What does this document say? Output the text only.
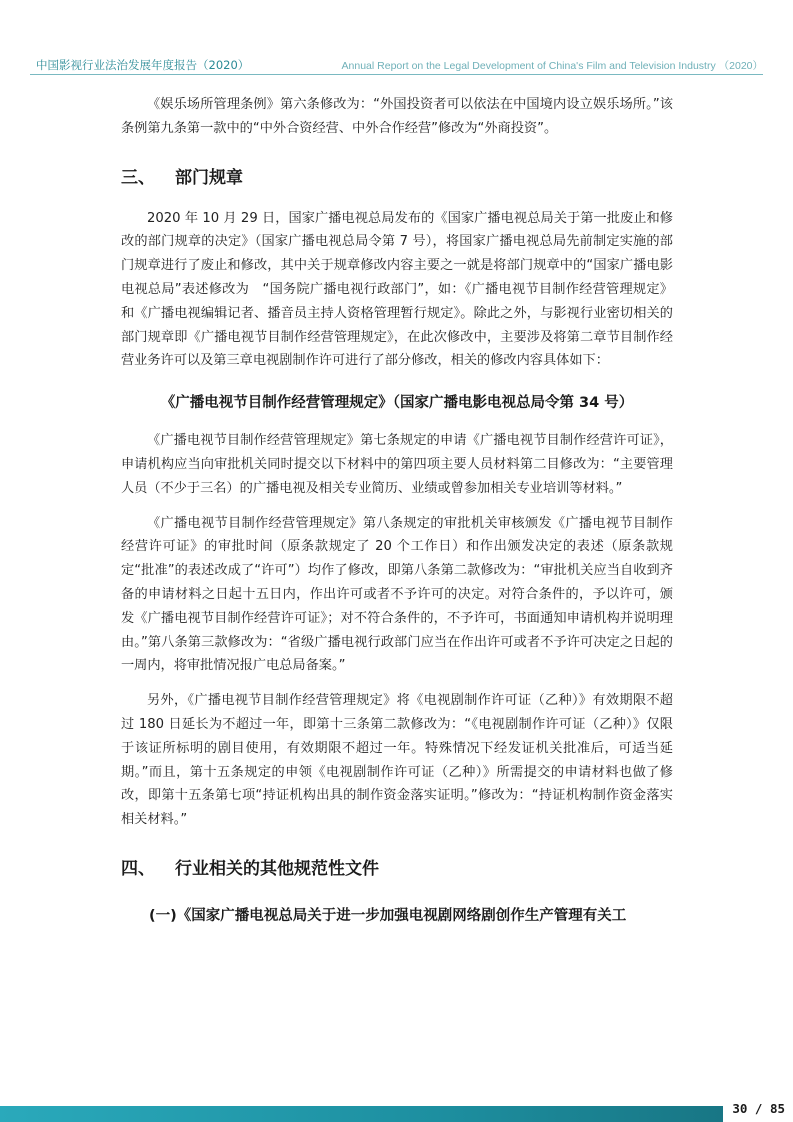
中国影视行业法治发展年度报告（2020）	Annual Report on the Legal Development of China's Film and Television Industry （2020）

《娱乐场所管理条例》第六条修改为：“外国投资者可以依法在中国境内设立娱乐场所。”该条例第九条第一款中的“中外合资经营、中外合作经营”修改为“外商投资”。

三、 部门规章

2020 年 10 月 29 日，国家广播电视总局发布的《国家广播电视总局关于第一批废止和修改的部门规章的决定》（国家广播电视总局令第 7 号），将国家广播电视总局先前制定实施的部门规章进行了废止和修改，其中关于规章修改内容主要之一就是将部门规章中的“国家广播电影电视总局”表述修改为　“国务院广播电视行政部门”，如：《广播电视节目制作经营管理规定》和《广播电视编辑记者、播音员主持人资格管理暂行规定》。除此之外，与影视行业密切相关的部门规章即《广播电视节目制作经营管理规定》，在此次修改中，主要涉及将第二章节目制作经营业务许可以及第三章电视剧制作许可进行了部分修改，相关的修改内容具体如下：

《广播电视节目制作经营管理规定》（国家广播电影电视总局令第 34 号）

《广播电视节目制作经营管理规定》第七条规定的申请《广播电视节目制作经营许可证》，申请机构应当向审批机关同时提交以下材料中的第四项主要人员材料第二目修改为：“主要管理人员（不少于三名）的广播电视及相关专业简历、业绩或曾参加相关专业培训等材料。”

《广播电视节目制作经营管理规定》第八条规定的审批机关审核颁发《广播电视节目制作经营许可证》的审批时间（原条款规定了 20 个工作日）和作出颁发决定的表述（原条款规定“批准”的表述改成了“许可”）均作了修改，即第八条第二款修改为：“审批机关应当自收到齐备的申请材料之日起十五日内，作出许可或者不予许可的决定。对符合条件的，予以许可，颁发《广播电视节目制作经营许可证》；对不符合条件的，不予许可，书面通知申请机构并说明理由。”第八条第三款修改为：“省级广播电视行政部门应当在作出许可或者不予许可决定之日起的一周内，将审批情况报广电总局备案。”

另外，《广播电视节目制作经营管理规定》将《电视剧制作许可证（乙种）》有效期限不超过 180 日延长为不超过一年，即第十三条第二款修改为：“《电视剧制作许可证（乙种）》仅限于该证所标明的剧目使用，有效期限不超过一年。特殊情况下经发证机关批准后，可适当延期。”而且，第十五条规定的申领《电视剧制作许可证（乙种）》所需提交的申请材料也做了修改，即第十五条第七项“持证机构出具的制作资金落实证明。”修改为：“持证机构制作资金落实相关材料。”

四、 行业相关的其他规范性文件
(一)《国家广播电视总局关于进一步加强电视剧网络剧创作生产管理有关工
30 / 85
